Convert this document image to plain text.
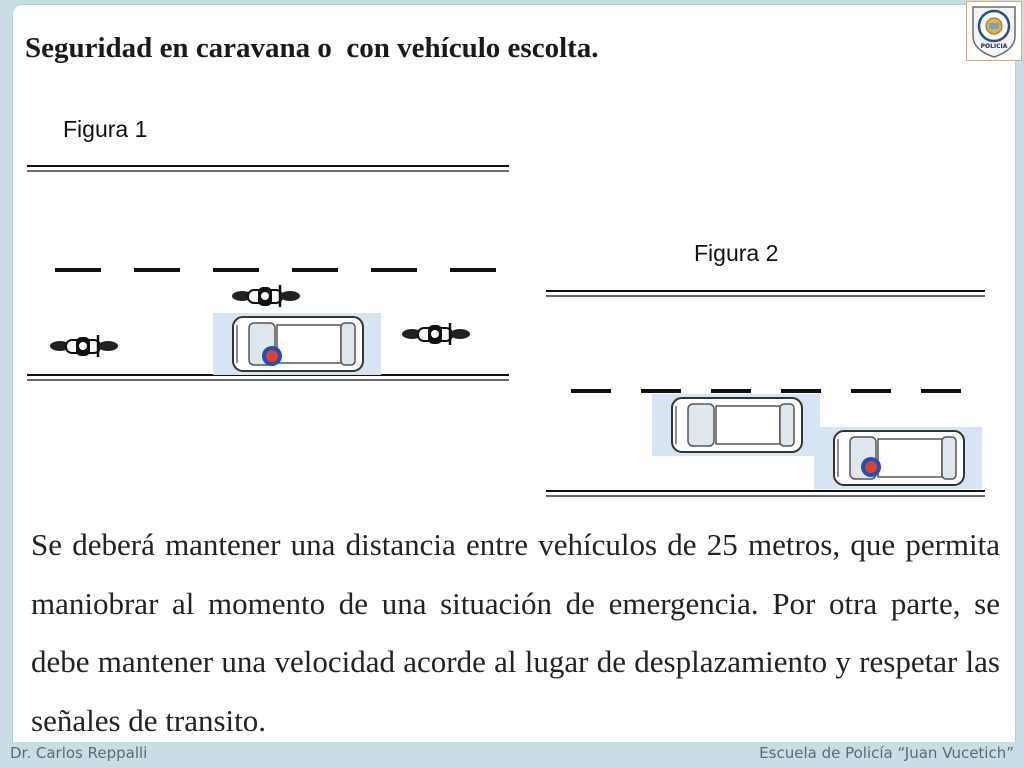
Seguridad en caravana o  con vehículo escolta.	POLICIA
Figura 1
Figura 2

Se deberá mantener una distancia entre vehículos de 25 metros, que permita maniobrar al momento de una situación de emergencia. Por otra parte, se debe mantener una velocidad acorde al lugar de desplazamiento y respetar las señales de transito.

Dr. Carlos Reppalli	Escuela de Policía “Juan Vucetich”
